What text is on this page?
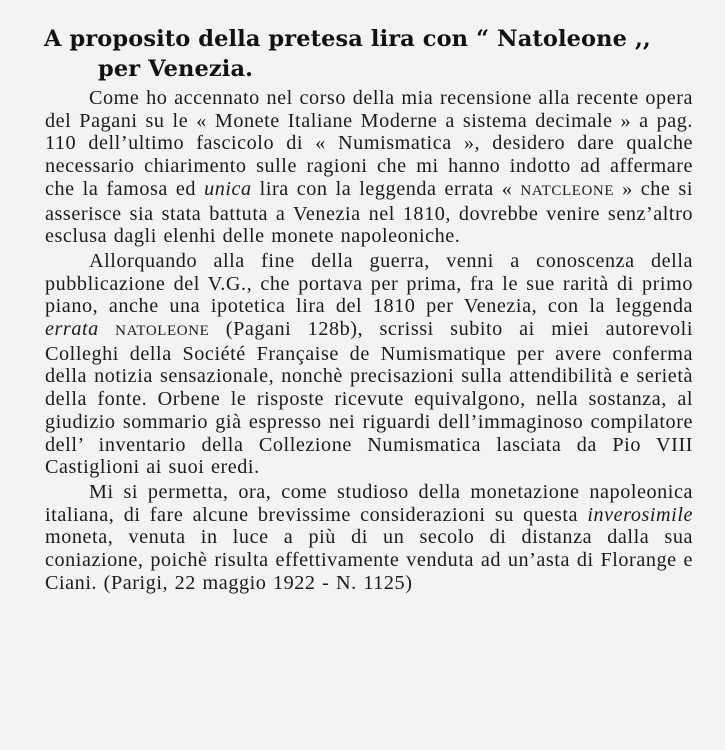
A proposito della pretesa lira con “ Natoleone ,,
per Venezia.

Come ho accennato nel corso della mia recensione alla recente opera del Pagani su le « Monete Italiane Moderne a sistema decimale » a pag. 110 dell’ultimo fascicolo di « Numismatica », desidero dare qualche necessario chiarimento sulle ragioni che mi hanno indotto ad affermare che la famosa ed unica lira con la leggenda errata « NATCLEONE » che si asserisce sia stata battuta a Venezia nel 1810, dovrebbe venire senz’altro esclusa dagli elenhi delle monete napoleoniche.

Allorquando alla fine della guerra, venni a conoscenza della pubblicazione del V.G., che portava per prima, fra le sue rarità di primo piano, anche una ipotetica lira del 1810 per Venezia, con la leggenda errata NATOLEONE (Pagani 128b), scrissi subito ai miei autorevoli Colleghi della Société Française de Numismatique per avere conferma della notizia sensazionale, nonchè precisazioni sulla attendibilità e serietà della fonte. Orbene le risposte ricevute equivalgono, nella sostanza, al giudizio sommario già espresso nei riguardi dell’immaginoso compilatore dell’ inventario della Collezione Numismatica lasciata da Pio VIII Castiglioni ai suoi eredi.

Mi si permetta, ora, come studioso della monetazione napoleonica italiana, di fare alcune brevissime considerazioni su questa inverosimile moneta, venuta in luce a più di un secolo di distanza dalla sua coniazione, poichè risulta effettivamente venduta ad un’asta di Florange e Ciani. (Parigi, 22 maggio 1922 - N. 1125)
